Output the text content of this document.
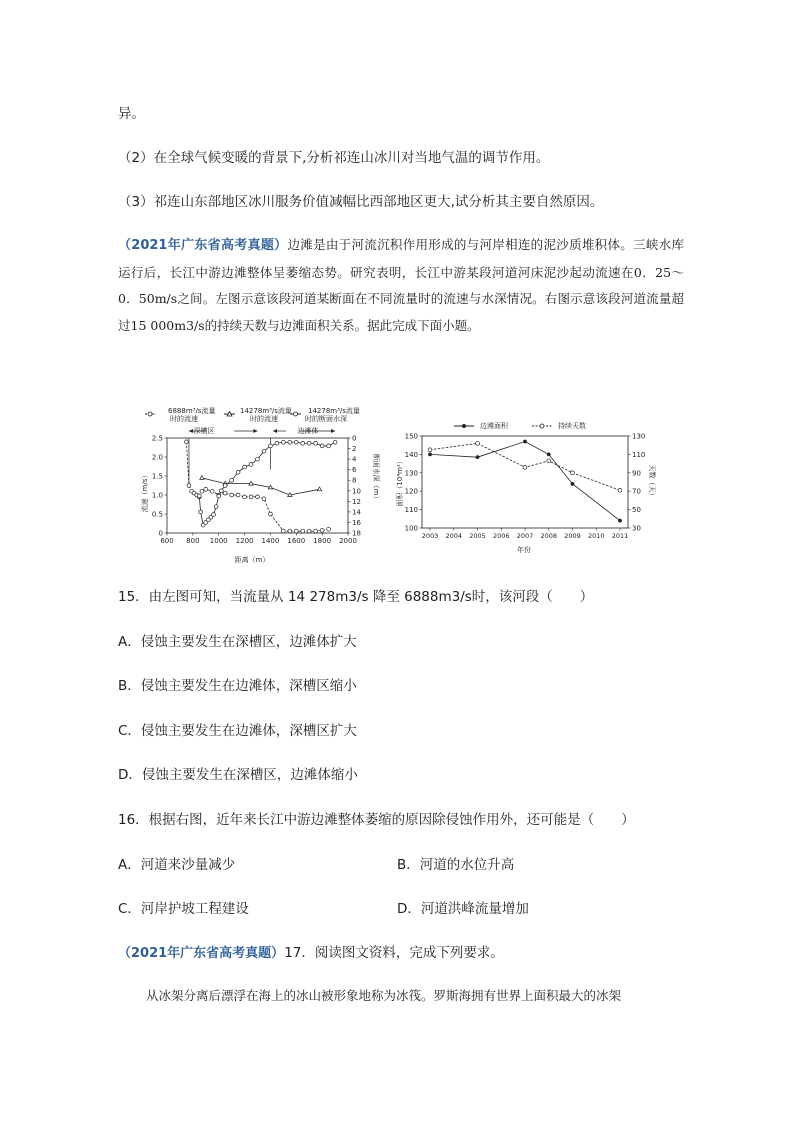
异。
（2）在全球气候变暖的背景下,分析祁连山冰川对当地气温的调节作用。
（3）祁连山东部地区冰川服务价值减幅比西部地区更大,试分析其主要自然原因。
（2021年广东省高考真题）边滩是由于河流沉积作用形成的与河岸相连的泥沙质堆积体。三峡水库运行后，长江中游边滩整体呈萎缩态势。研究表明，长江中游某段河道河床泥沙起动流速在0．25～0．50m/s之间。左图示意该段河道某断面在不同流量时的流速与水深情况。右图示意该段河道流量超过15 000m3/s的持续天数与边滩面积关系。据此完成下面小题。
6888m³/s流量
时的流速
14278m³/s流量
时的流速
14278m³/s流量
时的断面水深
600 800 1000 1200 1400 1600 1800 2000
0
0.5
1.0
1.5
2.0
2.5	0
2
4
6
8
10
12
14
16
18
流速（m/s）	断面水深（m）
距离（m）
深槽区	边滩体
边滩面积	持续天数
2003 2004 2005 2006 2007 2008 2009 2010 2011
100
110
120
130
140
150
30
50
70
90
110
130
面积（10⁴m²）	天数（天）
年份
15．由左图可知，当流量从 14 278m3/s 降至 6888m3/s时，该河段（　　）
A．侵蚀主要发生在深槽区，边滩体扩大
B．侵蚀主要发生在边滩体，深槽区缩小
C．侵蚀主要发生在边滩体，深槽区扩大
D．侵蚀主要发生在深槽区，边滩体缩小
16．根据右图，近年来长江中游边滩整体萎缩的原因除侵蚀作用外，还可能是（　　）
A．河道来沙量减少	B．河道的水位升高
C．河岸护坡工程建设	D．河道洪峰流量增加
（2021年广东省高考真题）17．阅读图文资料，完成下列要求。
从冰架分离后漂浮在海上的冰山被形象地称为冰筏。罗斯海拥有世界上面积最大的冰架
